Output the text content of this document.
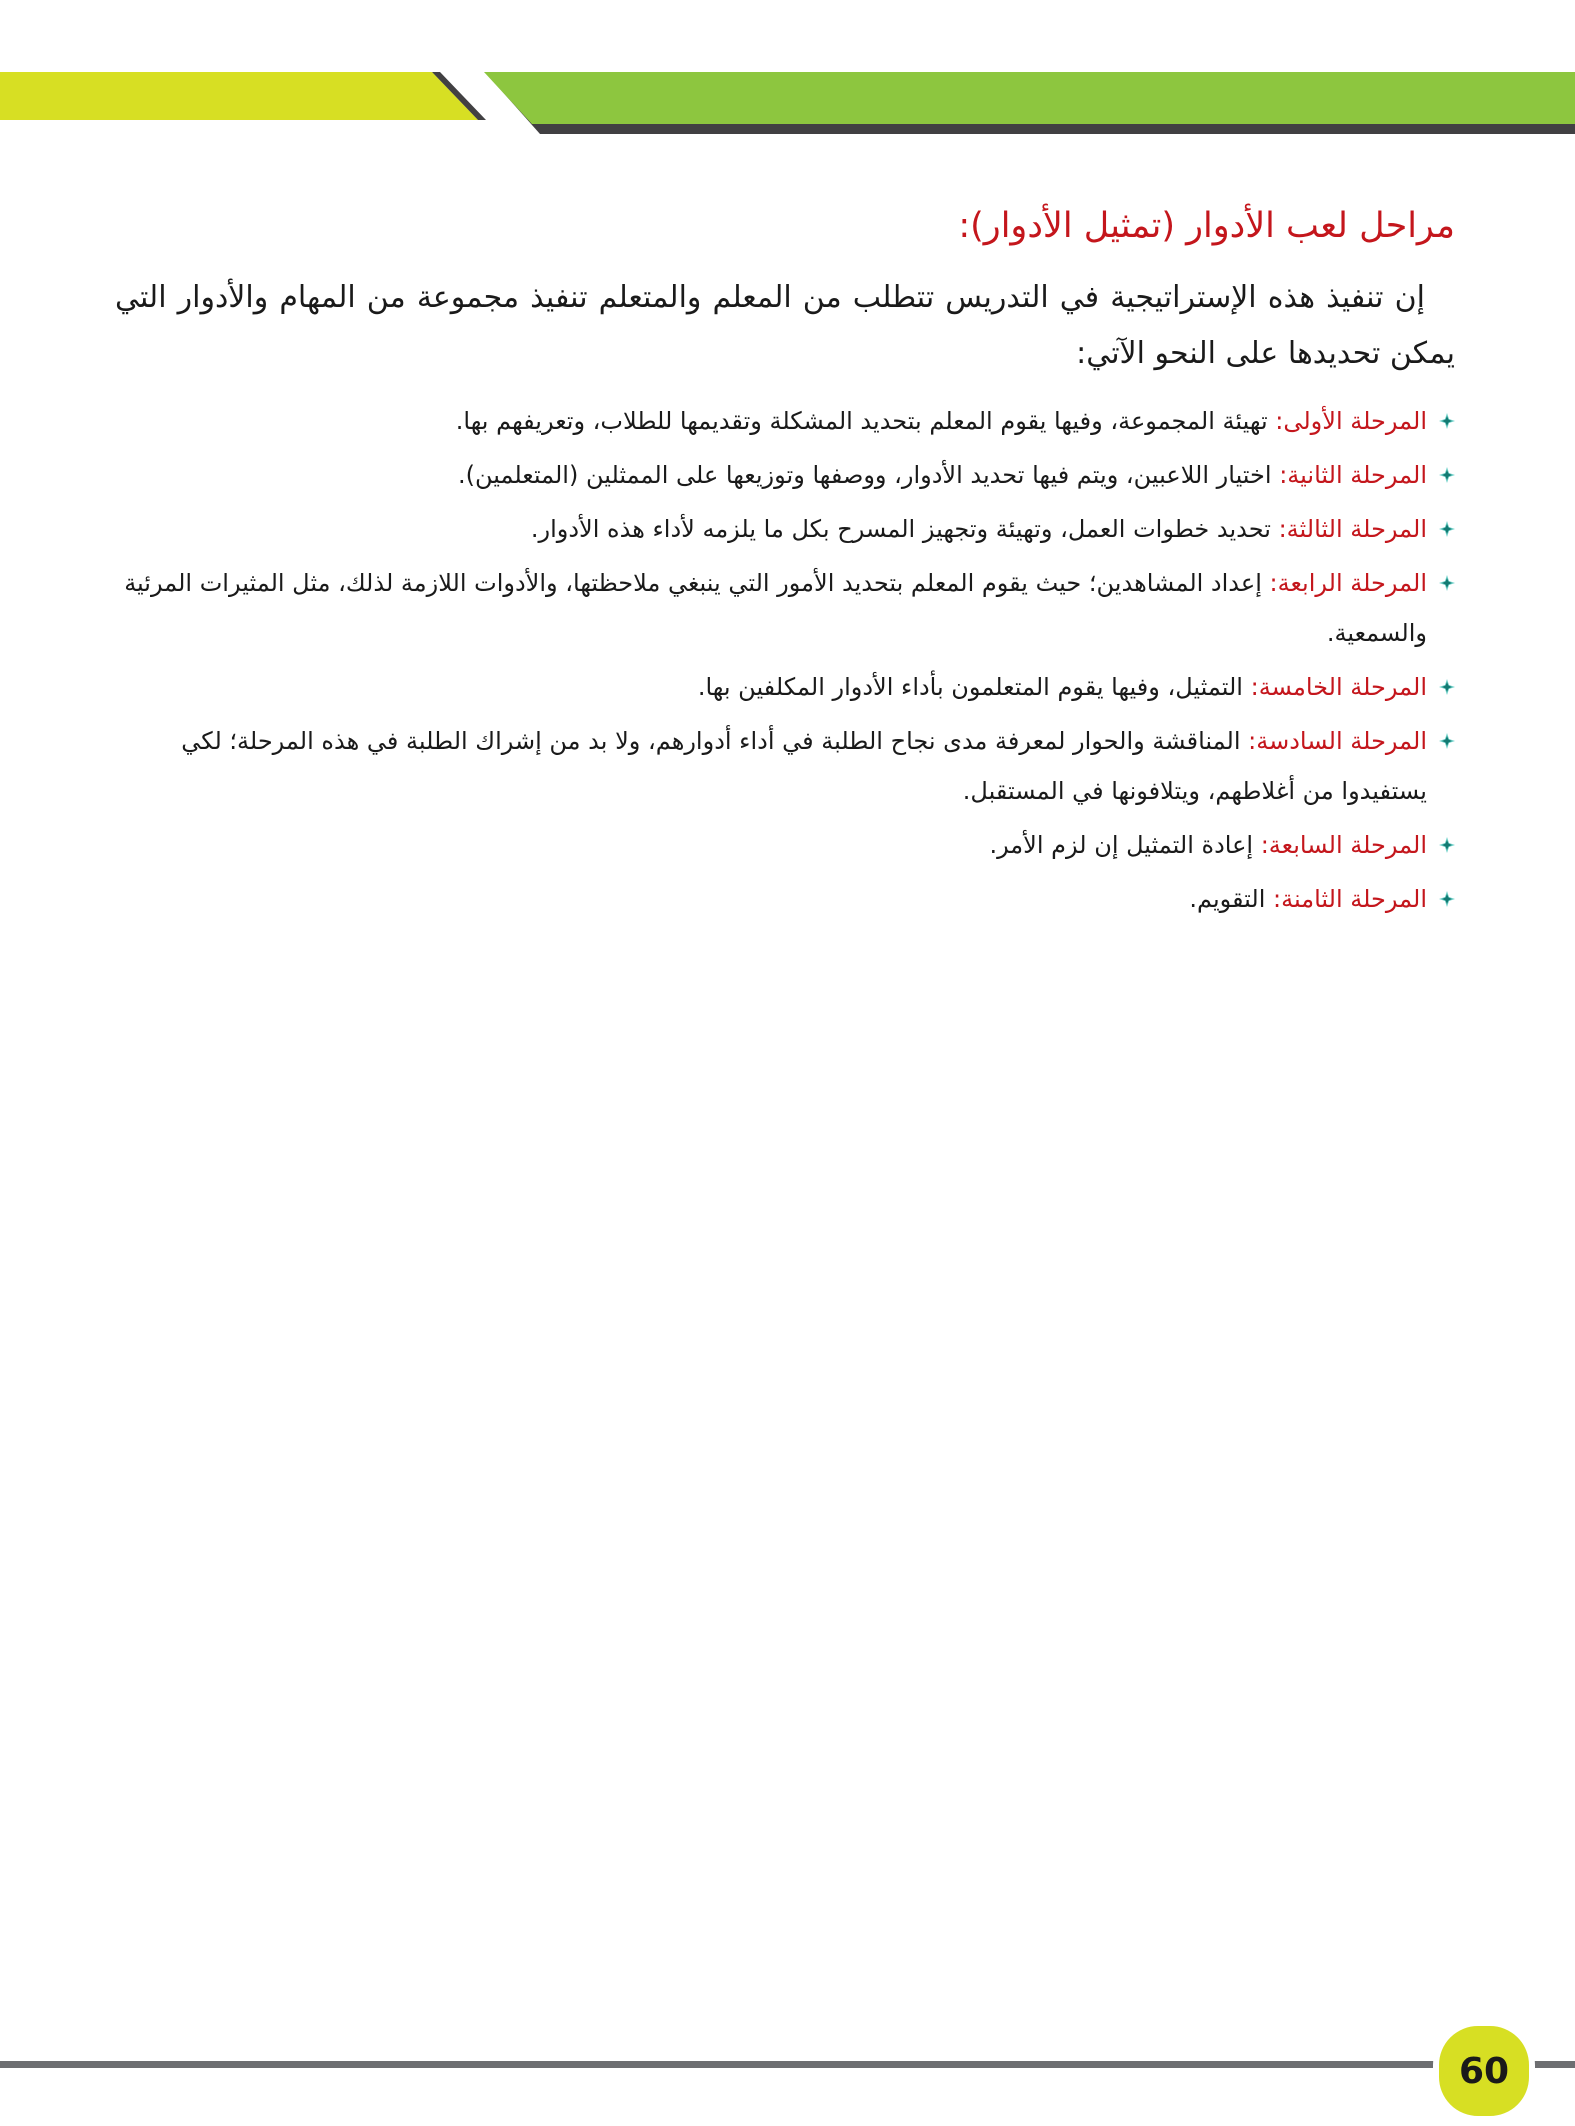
مراحل لعب الأدوار (تمثيل الأدوار):

إن تنفيذ هذه الإستراتيجية في التدريس تتطلب من المعلم والمتعلم تنفيذ مجموعة من المهام والأدوار التي يمكن تحديدها على النحو الآتي:

المرحلة الأولى: تهيئة المجموعة، وفيها يقوم المعلم بتحديد المشكلة وتقديمها للطلاب، وتعريفهم بها.
المرحلة الثانية: اختيار اللاعبين، ويتم فيها تحديد الأدوار، ووصفها وتوزيعها على الممثلين (المتعلمين).
المرحلة الثالثة: تحديد خطوات العمل، وتهيئة وتجهيز المسرح بكل ما يلزمه لأداء هذه الأدوار.
المرحلة الرابعة: إعداد المشاهدين؛ حيث يقوم المعلم بتحديد الأمور التي ينبغي ملاحظتها، والأدوات اللازمة لذلك، مثل المثيرات المرئية والسمعية.
المرحلة الخامسة: التمثيل، وفيها يقوم المتعلمون بأداء الأدوار المكلفين بها.
المرحلة السادسة: المناقشة والحوار لمعرفة مدى نجاح الطلبة في أداء أدوارهم، ولا بد من إشراك الطلبة في هذه المرحلة؛ لكي يستفيدوا من أغلاطهم، ويتلافونها في المستقبل.
المرحلة السابعة: إعادة التمثيل إن لزم الأمر.
المرحلة الثامنة: التقويم.
60
